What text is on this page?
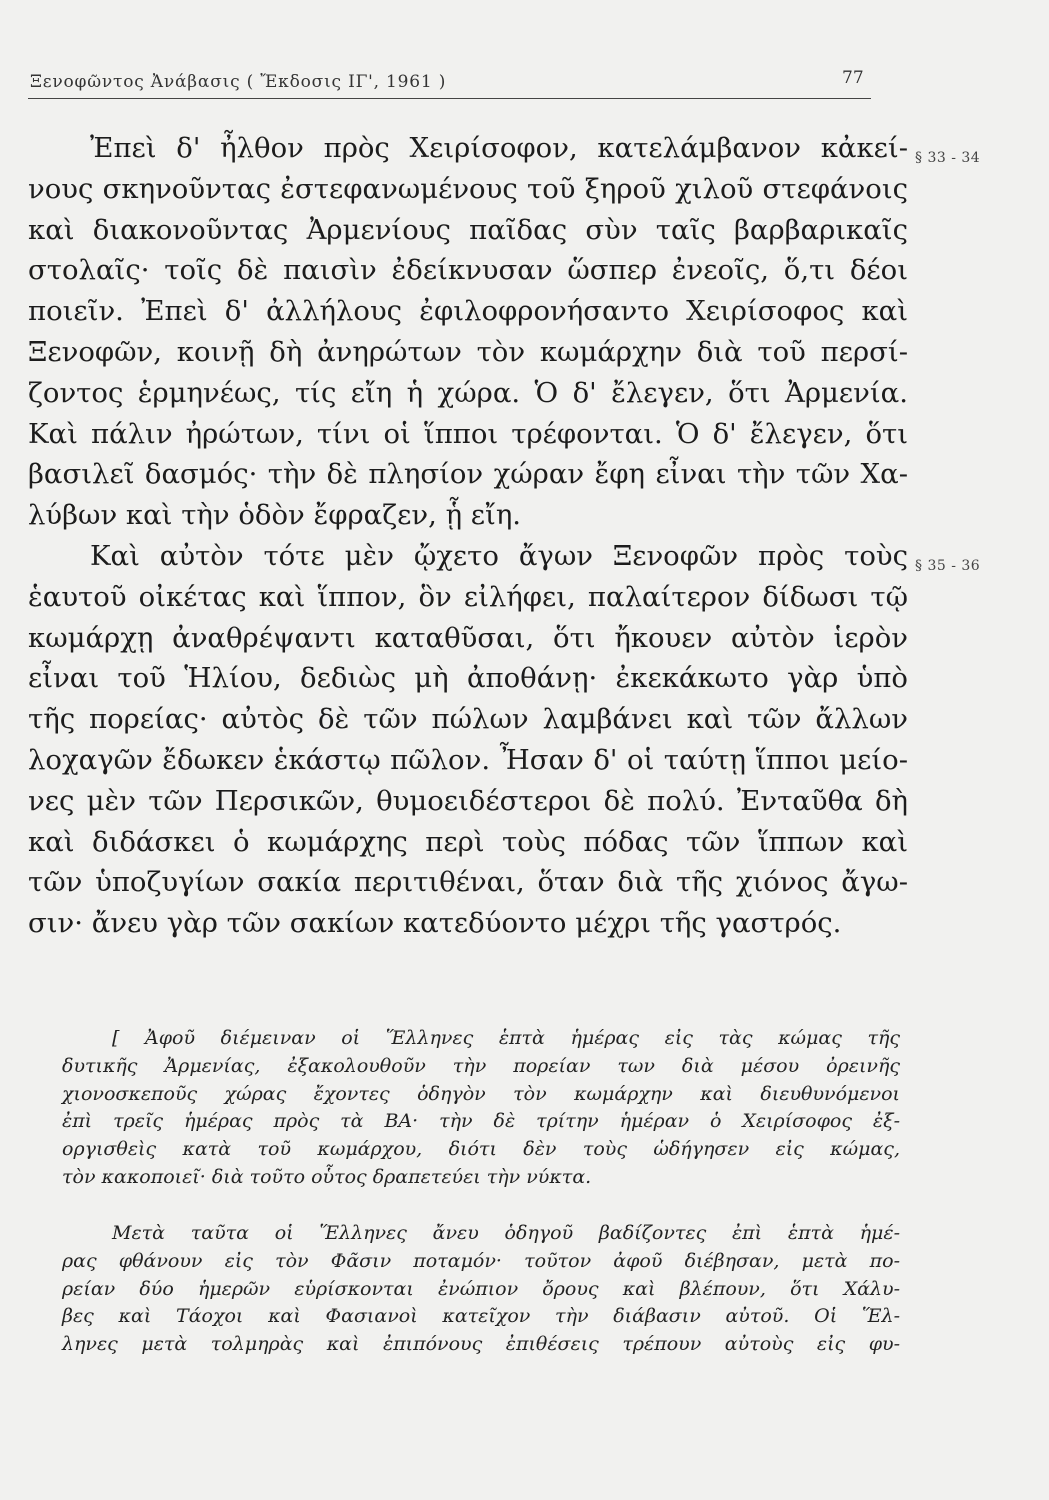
Ξενοφῶντος Ἀνάβασις ( Ἔκδοσις ΙΓ', 1961 )	77
§ 33 - 34
§ 35 - 36
Ἐπεὶ δ' ἦλθον πρὸς Χειρίσοφον, κατελάμβανον κἀκεί-
νους σκηνοῦντας ἐστεφανωμένους τοῦ ξηροῦ χιλοῦ στεφάνοις
καὶ διακονοῦντας Ἀρμενίους παῖδας σὺν ταῖς βαρβαρικαῖς
στολαῖς· τοῖς δὲ παισὶν ἐδείκνυσαν ὥσπερ ἐνεοῖς, ὅ,τι δέοι
ποιεῖν. Ἐπεὶ δ' ἀλλήλους ἐφιλοφρονήσαντο Χειρίσοφος καὶ
Ξενοφῶν, κοινῇ δὴ ἀνηρώτων τὸν κωμάρχην διὰ τοῦ περσί-
ζοντος ἑρμηνέως, τίς εἴη ἡ χώρα. Ὁ δ' ἔλεγεν, ὅτι Ἀρμενία.
Καὶ πάλιν ἠρώτων, τίνι οἱ ἵπποι τρέφονται. Ὁ δ' ἔλεγεν, ὅτι
βασιλεῖ δασμός· τὴν δὲ πλησίον χώραν ἔφη εἶναι τὴν τῶν Χα-
λύβων καὶ τὴν ὁδὸν ἔφραζεν, ᾗ εἴη.
Καὶ αὐτὸν τότε μὲν ᾤχετο ἄγων Ξενοφῶν πρὸς τοὺς
ἑαυτοῦ οἰκέτας καὶ ἵππον, ὃν εἰλήφει, παλαίτερον δίδωσι τῷ
κωμάρχῃ ἀναθρέψαντι καταθῦσαι, ὅτι ἤκουεν αὐτὸν ἱερὸν
εἶναι τοῦ Ἡλίου, δεδιὼς μὴ ἀποθάνῃ· ἐκεκάκωτο γὰρ ὑπὸ
τῆς πορείας· αὐτὸς δὲ τῶν πώλων λαμβάνει καὶ τῶν ἄλλων
λοχαγῶν ἔδωκεν ἑκάστῳ πῶλον. Ἦσαν δ' οἱ ταύτῃ ἵπποι μείο-
νες μὲν τῶν Περσικῶν, θυμοειδέστεροι δὲ πολύ. Ἐνταῦθα δὴ
καὶ διδάσκει ὁ κωμάρχης περὶ τοὺς πόδας τῶν ἵππων καὶ
τῶν ὑποζυγίων σακία περιτιθέναι, ὅταν διὰ τῆς χιόνος ἄγω-
σιν· ἄνευ γὰρ τῶν σακίων κατεδύοντο μέχρι τῆς γαστρός.
[ Ἀφοῦ διέμειναν οἱ Ἕλληνες ἑπτὰ ἡμέρας εἰς τὰς κώμας τῆς
δυτικῆς Ἀρμενίας, ἐξακολουθοῦν τὴν πορείαν των διὰ μέσου ὀρεινῆς
χιονοσκεποῦς χώρας ἔχοντες ὁδηγὸν τὸν κωμάρχην καὶ διευθυνόμενοι
ἐπὶ τρεῖς ἡμέρας πρὸς τὰ ΒΑ· τὴν δὲ τρίτην ἡμέραν ὁ Χειρίσοφος ἐξ-
οργισθεὶς κατὰ τοῦ κωμάρχου, διότι δὲν τοὺς ὡδήγησεν εἰς κώμας,
τὸν κακοποιεῖ· διὰ τοῦτο οὗτος δραπετεύει τὴν νύκτα.
Μετὰ ταῦτα οἱ Ἕλληνες ἄνευ ὁδηγοῦ βαδίζοντες ἐπὶ ἑπτὰ ἡμέ-
ρας φθάνουν εἰς τὸν Φᾶσιν ποταμόν· τοῦτον ἀφοῦ διέβησαν, μετὰ πο-
ρείαν δύο ἡμερῶν εὑρίσκονται ἐνώπιον ὄρους καὶ βλέπουν, ὅτι Χάλυ-
βες καὶ Τάοχοι καὶ Φασιανοὶ κατεῖχον τὴν διάβασιν αὐτοῦ. Οἱ Ἕλ-
ληνες μετὰ τολμηρὰς καὶ ἐπιπόνους ἐπιθέσεις τρέπουν αὐτοὺς εἰς φυ-
